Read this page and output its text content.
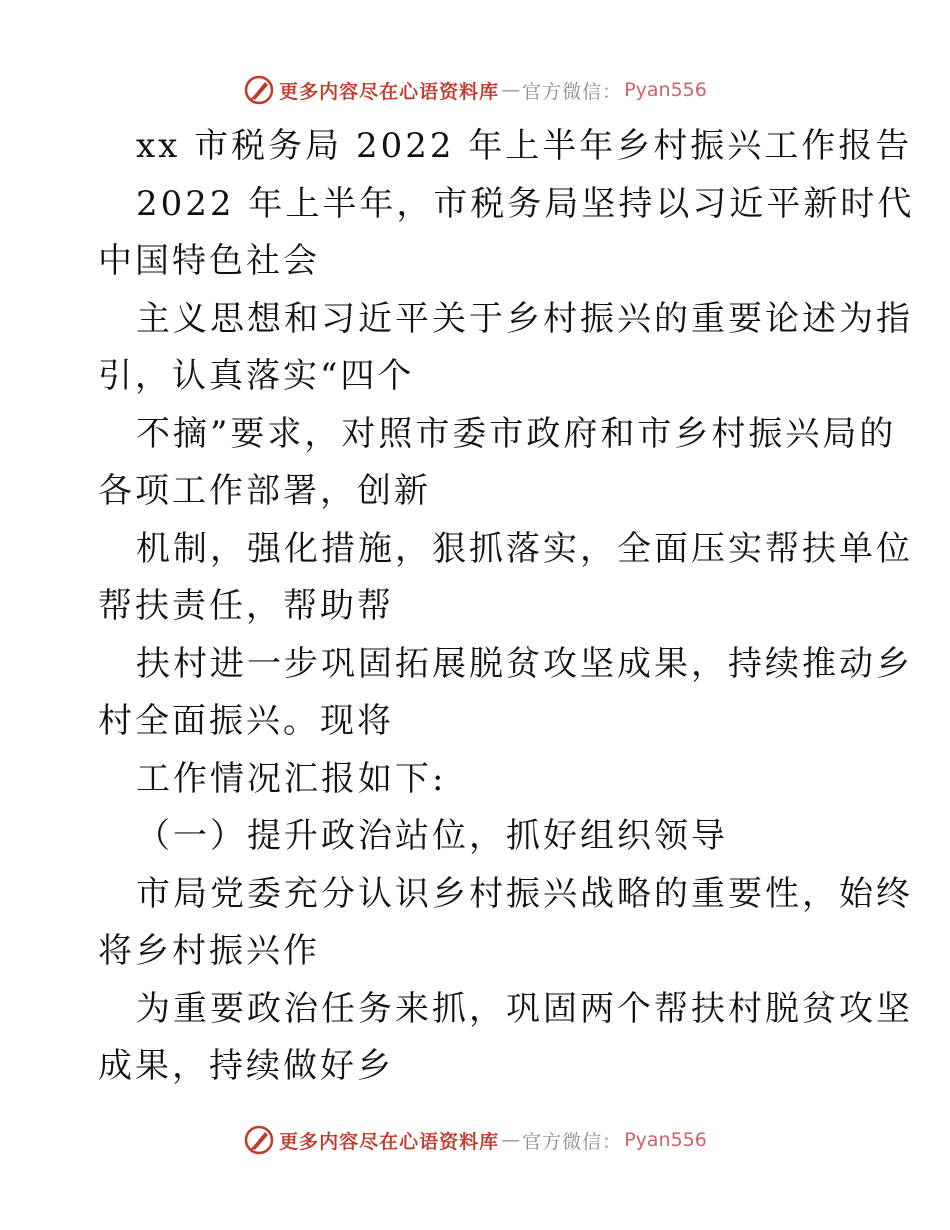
更多内容尽在心语资料库 — 官方微信： Pyan556
xx 市税务局 2022 年上半年乡村振兴工作报告
2022 年上半年，市税务局坚持以习近平新时代
中国特色社会
主义思想和习近平关于乡村振兴的重要论述为指
引，认真落实“四个
不摘”要求，对照市委市政府和市乡村振兴局的
各项工作部署，创新
机制，强化措施，狠抓落实，全面压实帮扶单位
帮扶责任，帮助帮
扶村进一步巩固拓展脱贫攻坚成果，持续推动乡
村全面振兴。现将
工作情况汇报如下:
（一）提升政治站位，抓好组织领导
市局党委充分认识乡村振兴战略的重要性，始终
将乡村振兴作
为重要政治任务来抓，巩固两个帮扶村脱贫攻坚
成果，持续做好乡
更多内容尽在心语资料库 — 官方微信： Pyan556
